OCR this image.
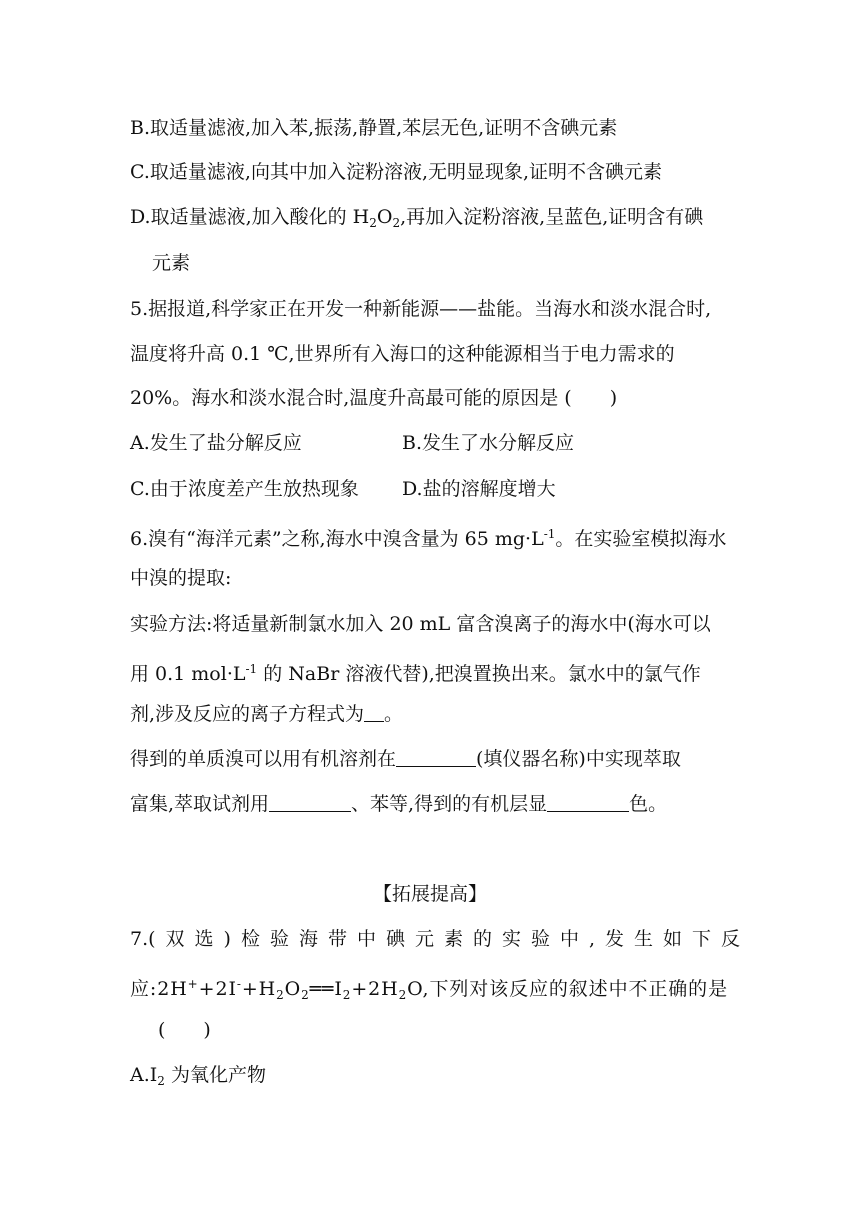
B.取适量滤液,加入苯,振荡,静置,苯层无色,证明不含碘元素
C.取适量滤液,向其中加入淀粉溶液,无明显现象,证明不含碘元素
D.取适量滤液,加入酸化的 $H_2O_2$,再加入淀粉溶液,呈蓝色,证明含有碘
元素
5.据报道,科学家正在开发一种新能源——盐能。当海水和淡水混合时,
温度将升高 0.1 ℃,世界所有入海口的这种能源相当于电力需求的
20%。海水和淡水混合时,温度升高最可能的原因是 (　　)
A.发生了盐分解反应	B.发生了水分解反应
C.由于浓度差产生放热现象 D.盐的溶解度增大
6.溴有“海洋元素”之称,海水中溴含量为 65 $mg\cdot L^{-1}$。在实验室模拟海水
中溴的提取:
实验方法:将适量新制氯水加入 20 mL 富含溴离子的海水中(海水可以
用 0.1 $mol\cdot L^{-1}$ 的 NaBr 溶液代替),把溴置换出来。氯水中的氯气作
剂,涉及反应的离子方程式为 。
得到的单质溴可以用有机溶剂在	(填仪器名称)中实现萃取
富集,萃取试剂用	、苯等,得到的有机层显	色。
【拓展提高】
7.(双选)检验海带中碘元素的实验中,发生如下反
应$:2H^++2I^-+H_2O_2══I_2+2H_2O$,下列对该反应的叙述中不正确的是
(　　)
$A.I_2$ 为氧化产物
